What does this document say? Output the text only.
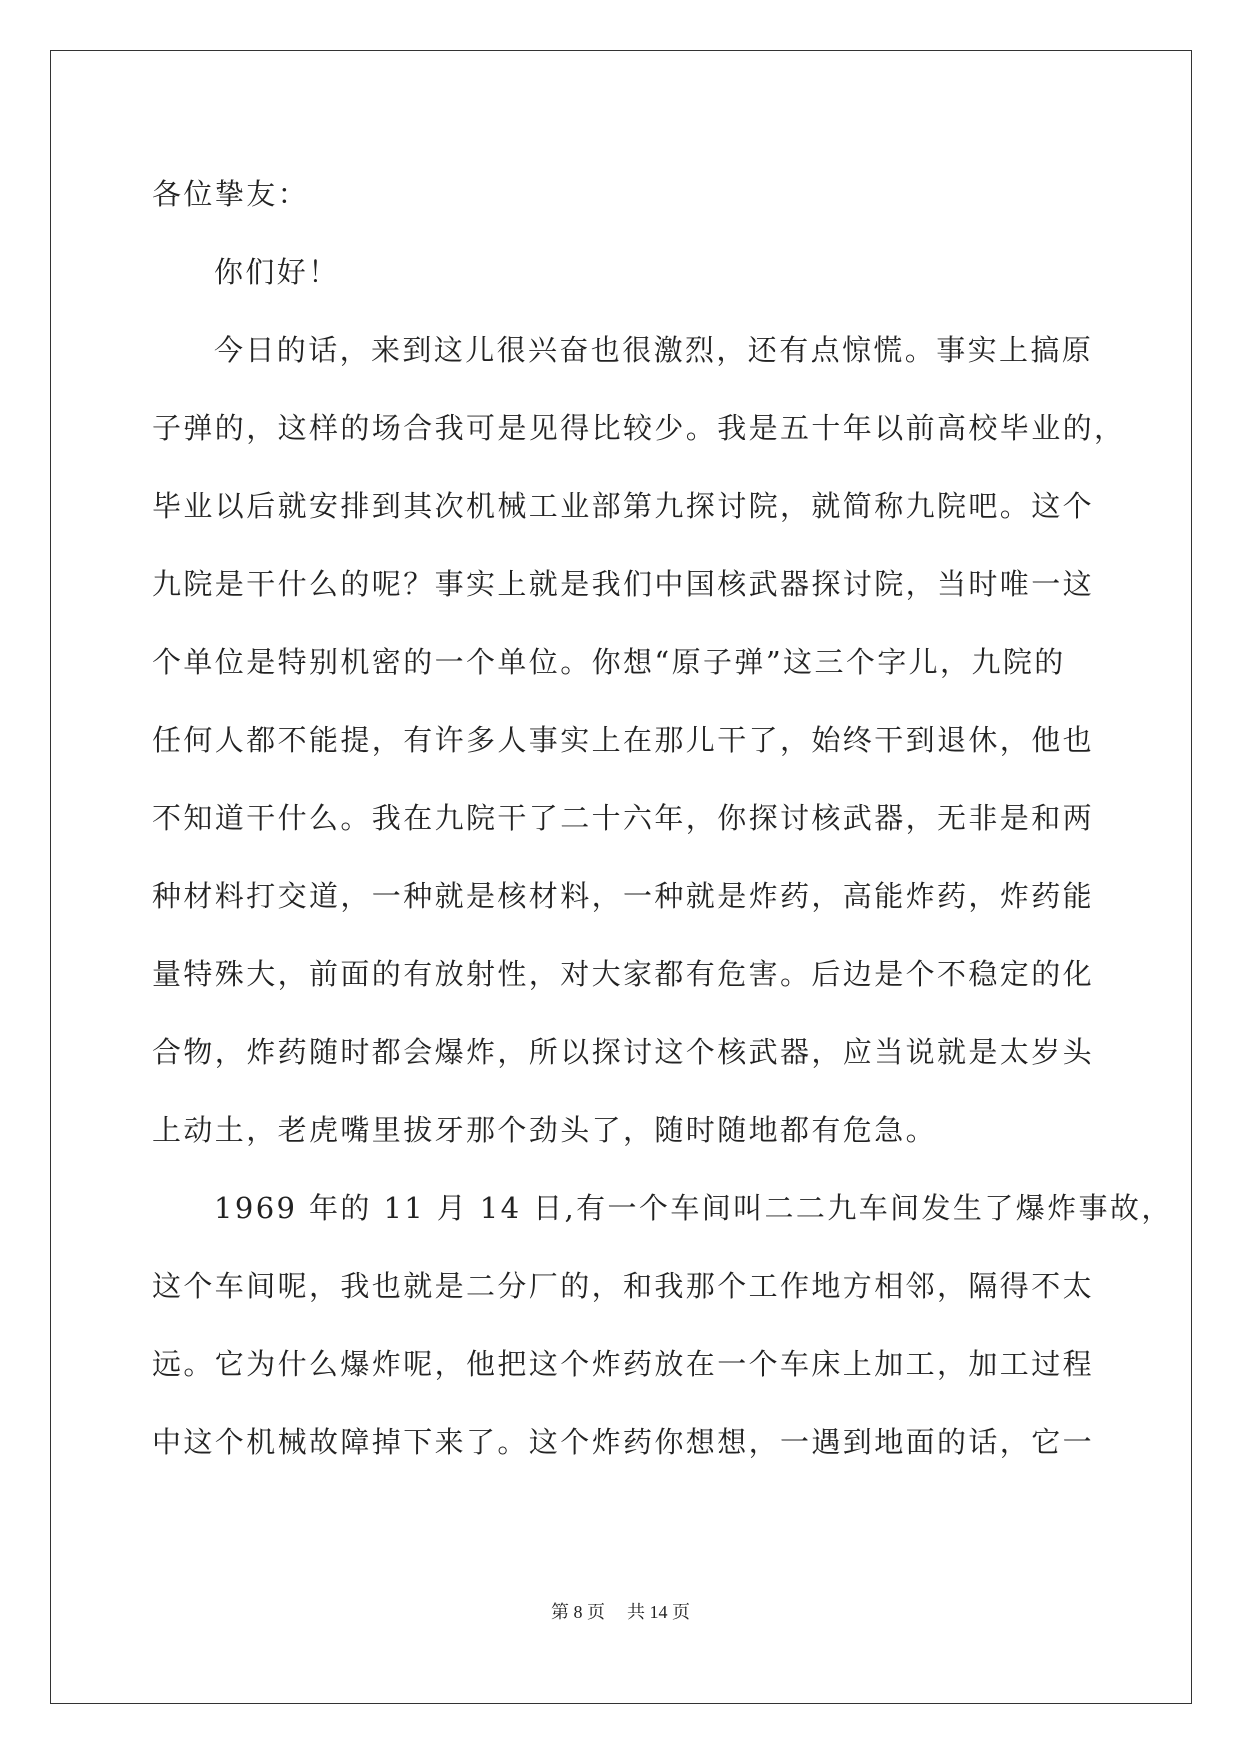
各位挚友：
你们好！
今日的话，来到这儿很兴奋也很激烈，还有点惊慌。事实上搞原
子弹的，这样的场合我可是见得比较少。我是五十年以前高校毕业的，
毕业以后就安排到其次机械工业部第九探讨院，就简称九院吧。这个
九院是干什么的呢？事实上就是我们中国核武器探讨院，当时唯一这
个单位是特别机密的一个单位。你想“原子弹”这三个字儿，九院的
任何人都不能提，有许多人事实上在那儿干了，始终干到退休，他也
不知道干什么。我在九院干了二十六年，你探讨核武器，无非是和两
种材料打交道，一种就是核材料，一种就是炸药，高能炸药，炸药能
量特殊大，前面的有放射性，对大家都有危害。后边是个不稳定的化
合物，炸药随时都会爆炸，所以探讨这个核武器，应当说就是太岁头
上动土，老虎嘴里拔牙那个劲头了，随时随地都有危急。
1969 年的 11 月 14 日,有一个车间叫二二九车间发生了爆炸事故，
这个车间呢，我也就是二分厂的，和我那个工作地方相邻，隔得不太
远。它为什么爆炸呢，他把这个炸药放在一个车床上加工，加工过程
中这个机械故障掉下来了。这个炸药你想想，一遇到地面的话，它一
第 8 页 共 14 页
